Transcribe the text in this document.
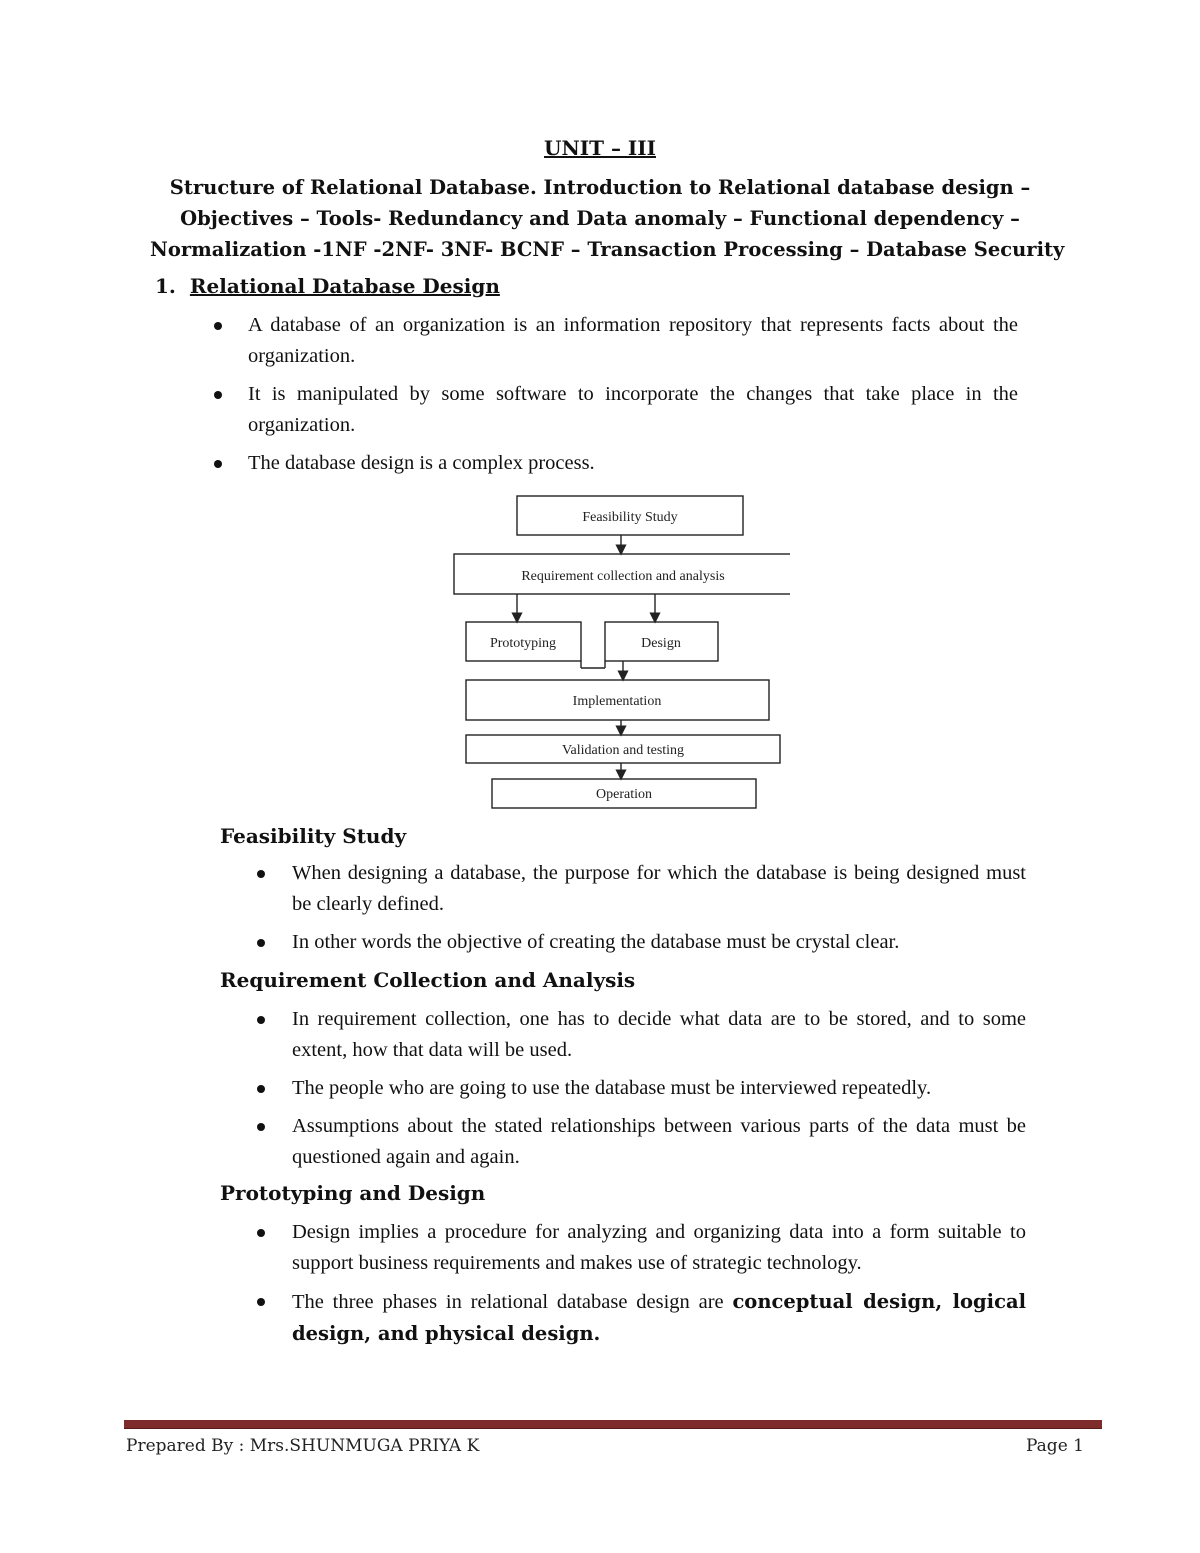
UNIT – III
Structure of Relational Database. Introduction to Relational database design –
Objectives – Tools- Redundancy and Data anomaly – Functional dependency –
Normalization -1NF -2NF- 3NF- BCNF – Transaction Processing – Database Security
1. Relational Database Design
A database of an organization is an information repository that represents facts about the organization.
It is manipulated by some software to incorporate the changes that take place in the organization.
The database design is a complex process.
Feasibility Study
Requirement collection and analysis
Prototyping	Design
Implementation
Validation and testing
Operation
Feasibility Study
When designing a database, the purpose for which the database is being designed must be clearly defined.
In other words the objective of creating the database must be crystal clear.
Requirement Collection and Analysis
In requirement collection, one has to decide what data are to be stored, and to some extent, how that data will be used.
The people who are going to use the database must be interviewed repeatedly.
Assumptions about the stated relationships between various parts of the data must be questioned again and again.
Prototyping and Design
Design implies a procedure for analyzing and organizing data into a form suitable to support business requirements and makes use of strategic technology.
The three phases in relational database design are conceptual design, logical design, and physical design.
Prepared By : Mrs.SHUNMUGA PRIYA K	Page 1
